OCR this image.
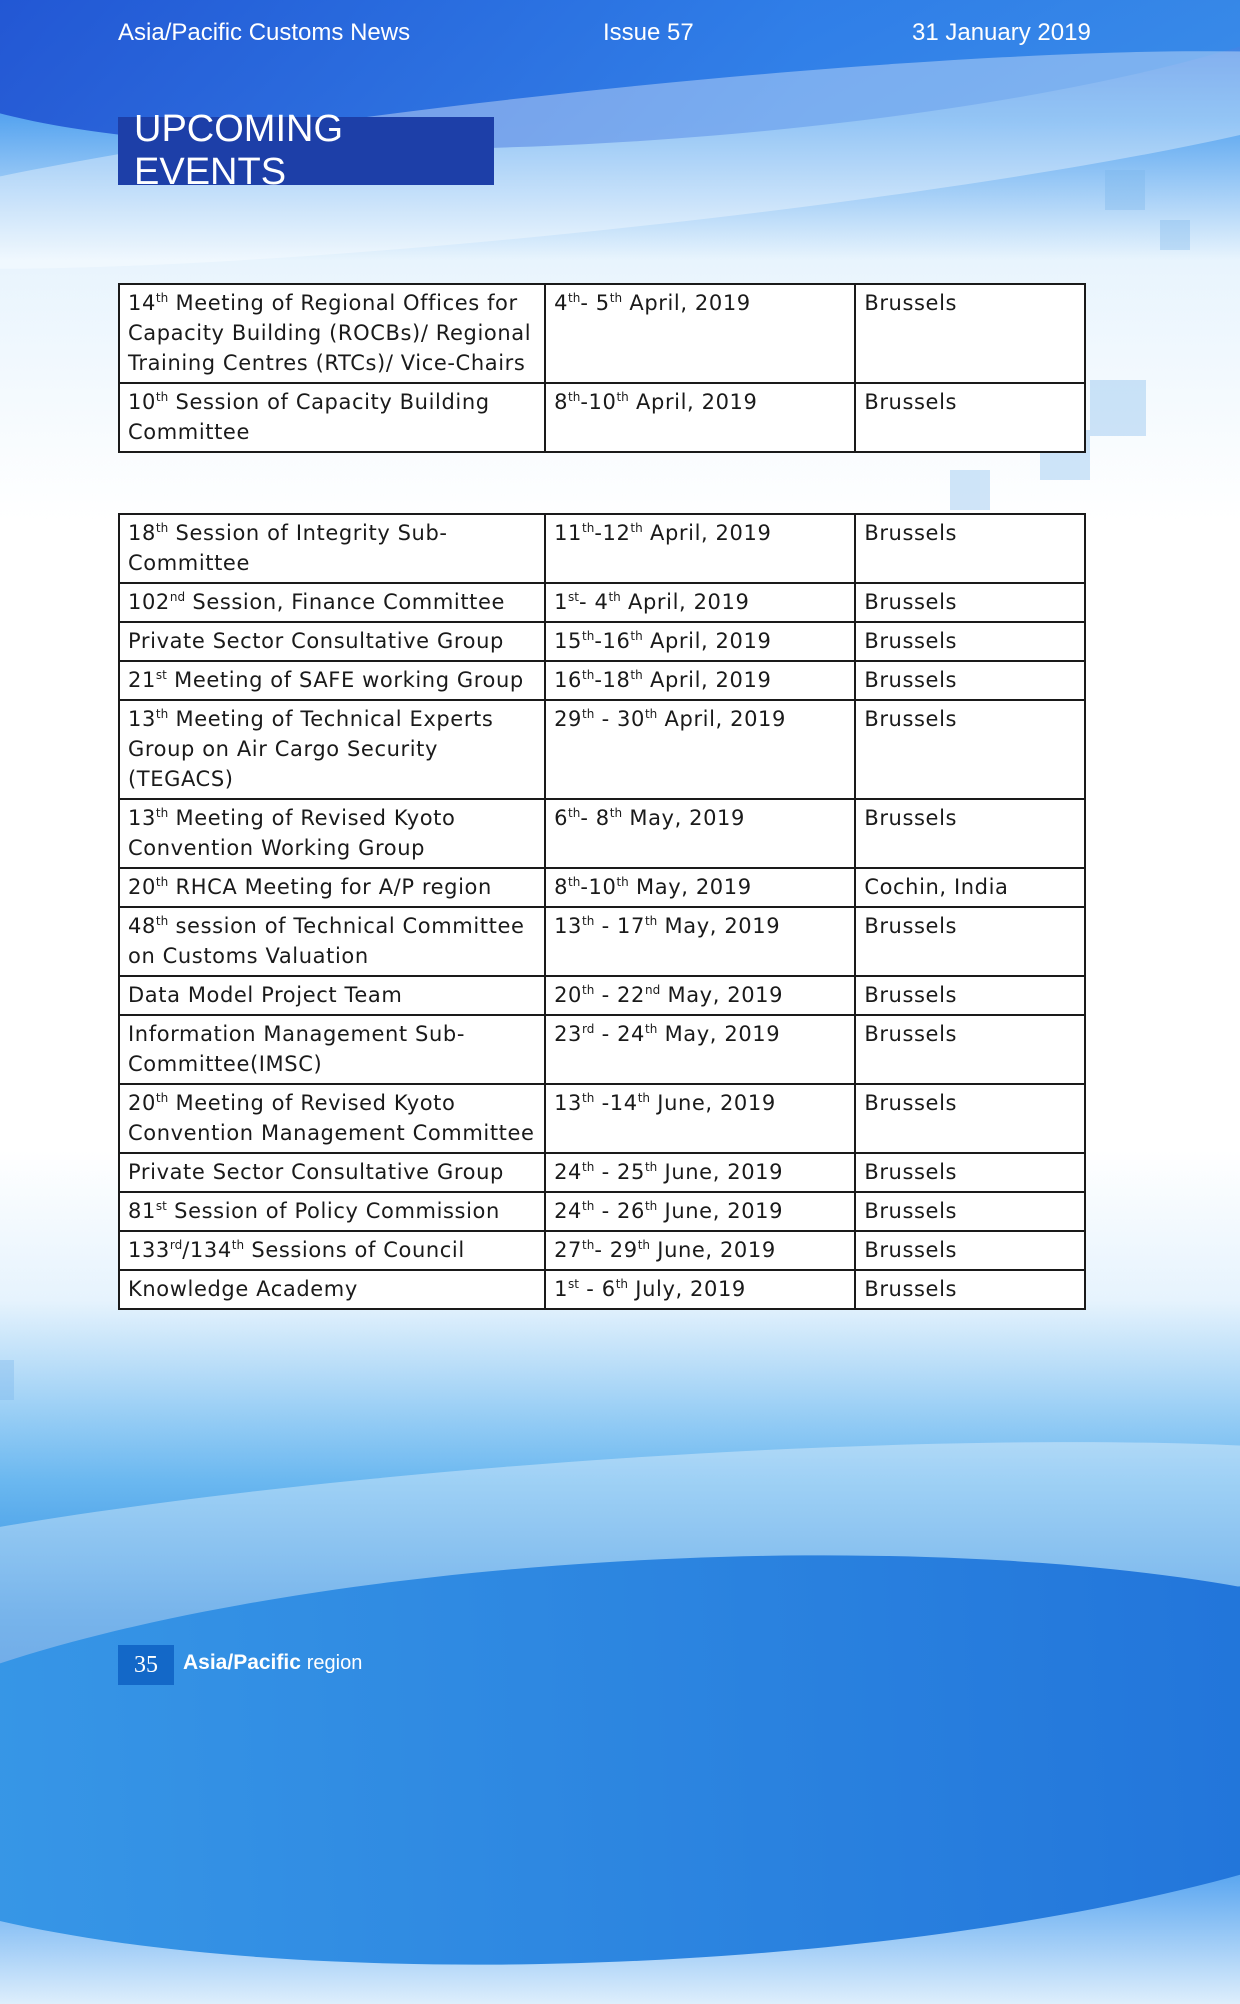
Asia/Pacific Customs News	Issue 57	31 January 2019
UPCOMING EVENTS
14th Meeting of Regional Offices for Capacity Building (ROCBs)/ Regional Training Centres (RTCs)/ Vice-Chairs	4th- 5th April, 2019	Brussels
10th Session of Capacity Building Committee	8th-10th April, 2019	Brussels
18th Session of Integrity Sub-Committee	11th-12th April, 2019	Brussels
102nd Session, Finance Committee	1st- 4th April, 2019	Brussels
Private Sector Consultative Group	15th-16th April, 2019	Brussels
21st Meeting of SAFE working Group	16th-18th April, 2019	Brussels
13th Meeting of Technical Experts Group on Air Cargo Security (TEGACS)	29th - 30th April, 2019	Brussels
13th Meeting of Revised Kyoto Convention Working Group	6th- 8th May, 2019	Brussels
20th RHCA Meeting for A/P region	8th-10th May, 2019	Cochin, India
48th session of Technical Committee on Customs Valuation	13th - 17th May, 2019	Brussels
Data Model Project Team	20th - 22nd May, 2019	Brussels
Information Management Sub-Committee(IMSC)	23rd - 24th May, 2019	Brussels
20th Meeting of Revised Kyoto Convention Management Committee	13th -14th June, 2019	Brussels
Private Sector Consultative Group	24th - 25th June, 2019	Brussels
81st Session of Policy Commission	24th - 26th June, 2019	Brussels
133rd/134th Sessions of Council	27th- 29th June, 2019	Brussels
Knowledge Academy	1st - 6th July, 2019	Brussels
35	Asia/Pacific region
